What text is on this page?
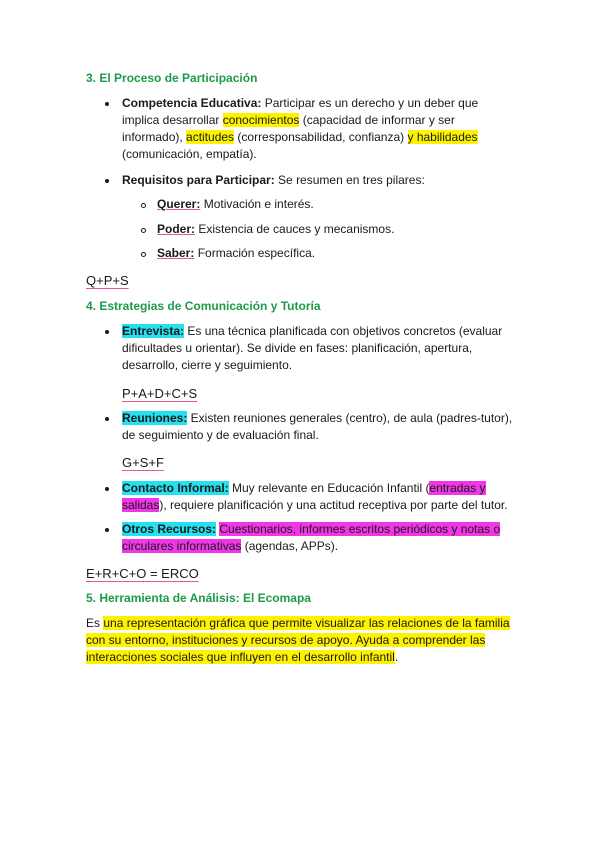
3. El Proceso de Participación
Competencia Educativa: Participar es un derecho y un deber que implica desarrollar conocimientos (capacidad de informar y ser informado), actitudes (corresponsabilidad, confianza) y habilidades (comunicación, empatía).
Requisitos para Participar: Se resumen en tres pilares:
Querer: Motivación e interés.
Poder: Existencia de cauces y mecanismos.
Saber: Formación específica.
Q+P+S
4. Estrategias de Comunicación y Tutoría
Entrevista: Es una técnica planificada con objetivos concretos (evaluar dificultades u orientar). Se divide en fases: planificación, apertura, desarrollo, cierre y seguimiento.
P+A+D+C+S
Reuniones: Existen reuniones generales (centro), de aula (padres-tutor), de seguimiento y de evaluación final.
G+S+F
Contacto Informal: Muy relevante en Educación Infantil (entradas y salidas), requiere planificación y una actitud receptiva por parte del tutor.
Otros Recursos: Cuestionarios, informes escritos periódicos y notas o circulares informativas (agendas, APPs).
E+R+C+O = ERCO
5. Herramienta de Análisis: El Ecomapa
Es una representación gráfica que permite visualizar las relaciones de la familia con su entorno, instituciones y recursos de apoyo. Ayuda a comprender las interacciones sociales que influyen en el desarrollo infantil.
